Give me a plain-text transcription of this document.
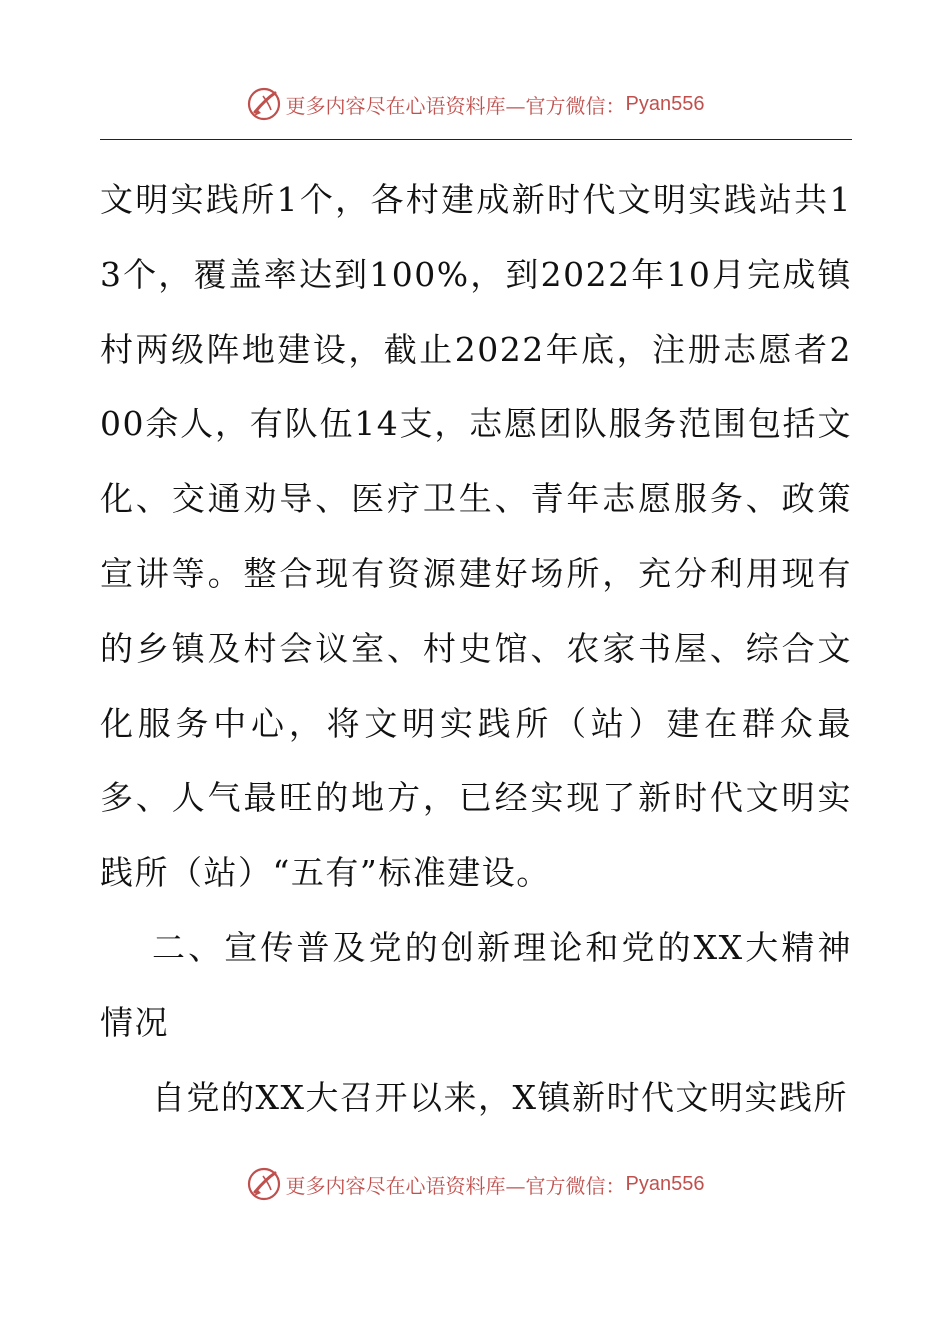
更多内容尽在心语资料库—官方微信： Pyan556

文明实践所1个，各村建成新时代文明实践站共13个，覆盖率达到100%，到2022年10月完成镇村两级阵地建设，截止2022年底，注册志愿者200余人，有队伍14支，志愿团队服务范围包括文化、交通劝导、医疗卫生、青年志愿服务、政策宣讲等。整合现有资源建好场所，充分利用现有的乡镇及村会议室、村史馆、农家书屋、综合文化服务中心，将文明实践所（站）建在群众最多、人气最旺的地方，已经实现了新时代文明实践所（站）“五有”标准建设。

二、宣传普及党的创新理论和党的XX大精神情况

自党的XX大召开以来，X镇新时代文明实践所

更多内容尽在心语资料库—官方微信： Pyan556
